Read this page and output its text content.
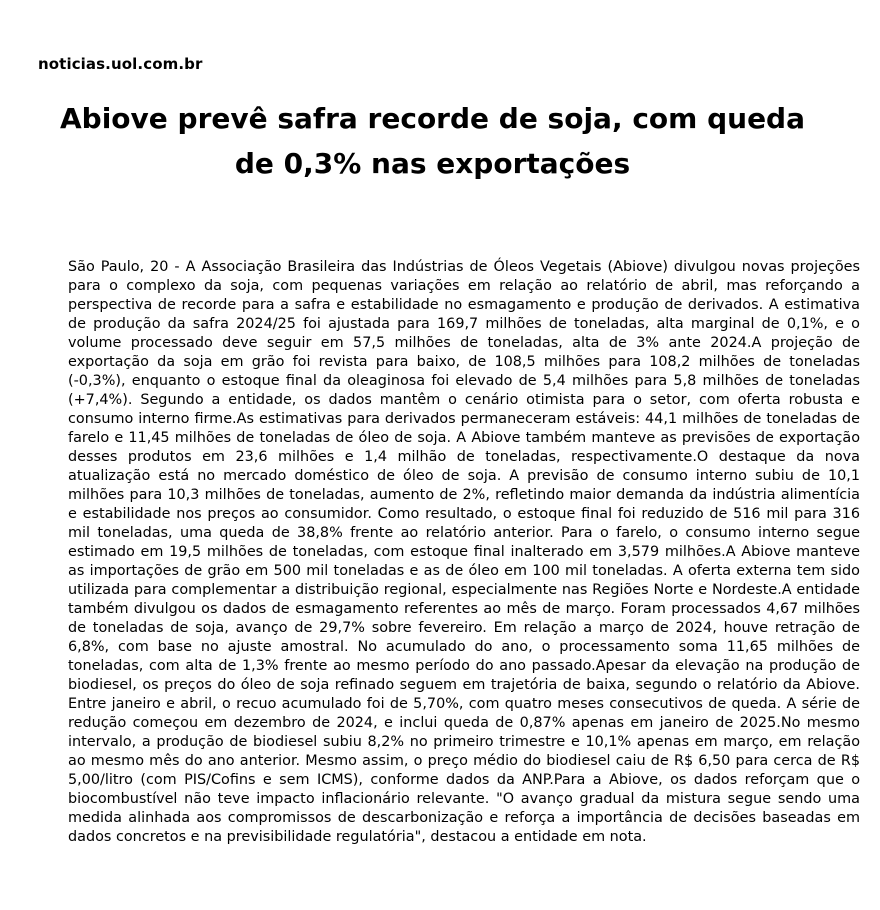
noticias.uol.com.br
Abiove prevê safra recorde de soja, com queda de 0,3% nas exportações

São Paulo, 20 - A Associação Brasileira das Indústrias de Óleos Vegetais (Abiove) divulgou novas projeções para o complexo da soja, com pequenas variações em relação ao relatório de abril, mas reforçando a perspectiva de recorde para a safra e estabilidade no esmagamento e produção de derivados. A estimativa de produção da safra 2024/25 foi ajustada para 169,7 milhões de toneladas, alta marginal de 0,1%, e o volume processado deve seguir em 57,5 milhões de toneladas, alta de 3% ante 2024.A projeção de exportação da soja em grão foi revista para baixo, de 108,5 milhões para 108,2 milhões de toneladas (-0,3%), enquanto o estoque final da oleaginosa foi elevado de 5,4 milhões para 5,8 milhões de toneladas (+7,4%). Segundo a entidade, os dados mantêm o cenário otimista para o setor, com oferta robusta e consumo interno firme.As estimativas para derivados permaneceram estáveis: 44,1 milhões de toneladas de farelo e 11,45 milhões de toneladas de óleo de soja. A Abiove também manteve as previsões de exportação desses produtos em 23,6 milhões e 1,4 milhão de toneladas, respectivamente.O destaque da nova atualização está no mercado doméstico de óleo de soja. A previsão de consumo interno subiu de 10,1 milhões para 10,3 milhões de toneladas, aumento de 2%, refletindo maior demanda da indústria alimentícia e estabilidade nos preços ao consumidor. Como resultado, o estoque final foi reduzido de 516 mil para 316 mil toneladas, uma queda de 38,8% frente ao relatório anterior. Para o farelo, o consumo interno segue estimado em 19,5 milhões de toneladas, com estoque final inalterado em 3,579 milhões.A Abiove manteve as importações de grão em 500 mil toneladas e as de óleo em 100 mil toneladas. A oferta externa tem sido utilizada para complementar a distribuição regional, especialmente nas Regiões Norte e Nordeste.A entidade também divulgou os dados de esmagamento referentes ao mês de março. Foram processados 4,67 milhões de toneladas de soja, avanço de 29,7% sobre fevereiro. Em relação a março de 2024, houve retração de 6,8%, com base no ajuste amostral. No acumulado do ano, o processamento soma 11,65 milhões de toneladas, com alta de 1,3% frente ao mesmo período do ano passado.Apesar da elevação na produção de biodiesel, os preços do óleo de soja refinado seguem em trajetória de baixa, segundo o relatório da Abiove. Entre janeiro e abril, o recuo acumulado foi de 5,70%, com quatro meses consecutivos de queda. A série de redução começou em dezembro de 2024, e inclui queda de 0,87% apenas em janeiro de 2025.No mesmo intervalo, a produção de biodiesel subiu 8,2% no primeiro trimestre e 10,1% apenas em março, em relação ao mesmo mês do ano anterior. Mesmo assim, o preço médio do biodiesel caiu de R$ 6,50 para cerca de R$ 5,00/litro (com PIS/Cofins e sem ICMS), conforme dados da ANP.Para a Abiove, os dados reforçam que o biocombustível não teve impacto inflacionário relevante. "O avanço gradual da mistura segue sendo uma medida alinhada aos compromissos de descarbonização e reforça a importância de decisões baseadas em dados concretos e na previsibilidade regulatória", destacou a entidade em nota.
